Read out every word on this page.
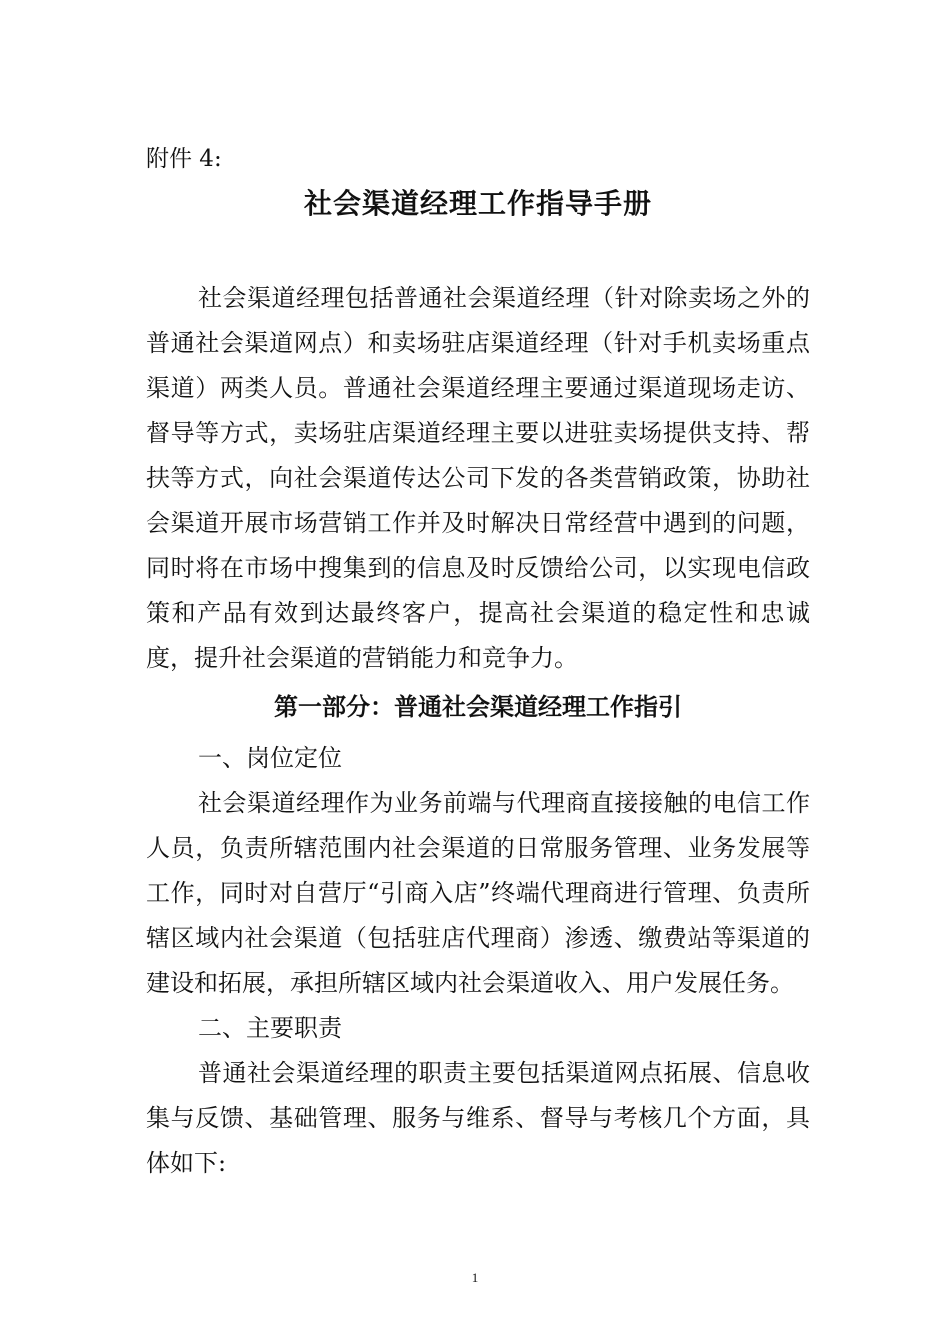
附件 4:

社会渠道经理工作指导手册

社会渠道经理包括普通社会渠道经理（针对除卖场之外的普通社会渠道网点）和卖场驻店渠道经理（针对手机卖场重点渠道）两类人员。普通社会渠道经理主要通过渠道现场走访、督导等方式，卖场驻店渠道经理主要以进驻卖场提供支持、帮扶等方式，向社会渠道传达公司下发的各类营销政策，协助社会渠道开展市场营销工作并及时解决日常经营中遇到的问题，同时将在市场中搜集到的信息及时反馈给公司，以实现电信政策和产品有效到达最终客户，提高社会渠道的稳定性和忠诚度，提升社会渠道的营销能力和竞争力。

第一部分：普通社会渠道经理工作指引

一、岗位定位

社会渠道经理作为业务前端与代理商直接接触的电信工作人员，负责所辖范围内社会渠道的日常服务管理、业务发展等工作，同时对自营厅“引商入店”终端代理商进行管理、负责所辖区域内社会渠道（包括驻店代理商）渗透、缴费站等渠道的建设和拓展，承担所辖区域内社会渠道收入、用户发展任务。

二、主要职责

普通社会渠道经理的职责主要包括渠道网点拓展、信息收集与反馈、基础管理、服务与维系、督导与考核几个方面，具体如下:

1
